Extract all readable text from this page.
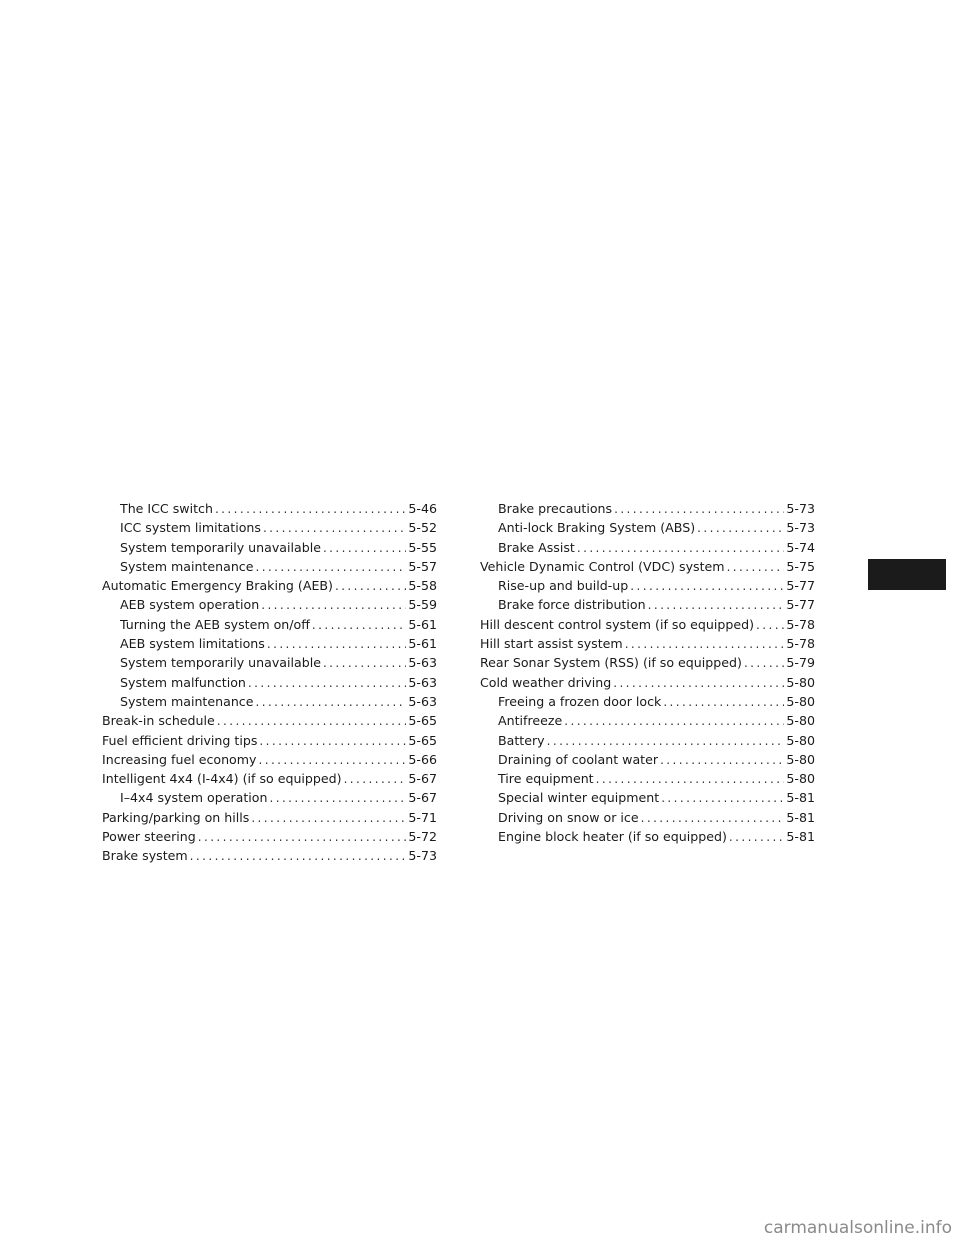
The ICC switch . . .	5-46
ICC system limitations . . .	5-52
System temporarily unavailable . . .	5-55
System maintenance . . .	5-57
Automatic Emergency Braking (AEB) . . .	5-58
AEB system operation . . .	5-59
Turning the AEB system on/off . . .	5-61
AEB system limitations . . .	5-61
System temporarily unavailable . . .	5-63
System malfunction . . .	5-63
System maintenance . . .	5-63
Break-in schedule . . .	5-65
Fuel efficient driving tips . . .	5-65
Increasing fuel economy . . .	5-66
Intelligent 4x4 (I-4x4) (if so equipped) . . .	5-67
I–4x4 system operation . . .	5-67
Parking/parking on hills . . .	5-71
Power steering . . .	5-72
Brake system . . .	5-73
Brake precautions . . .	5-73
Anti-lock Braking System (ABS) . . .	5-73
Brake Assist . . .	5-74
Vehicle Dynamic Control (VDC) system . . .	5-75
Rise-up and build-up . . .	5-77
Brake force distribution . . .	5-77
Hill descent control system (if so equipped) . . .	5-78
Hill start assist system . . .	5-78
Rear Sonar System (RSS) (if so equipped) . . .	5-79
Cold weather driving . . .	5-80
Freeing a frozen door lock . . .	5-80
Antifreeze . . .	5-80
Battery . . .	5-80
Draining of coolant water . . .	5-80
Tire equipment . . .	5-80
Special winter equipment . . .	5-81
Driving on snow or ice . . .	5-81
Engine block heater (if so equipped) . . .	5-81
carmanualsonline.info
